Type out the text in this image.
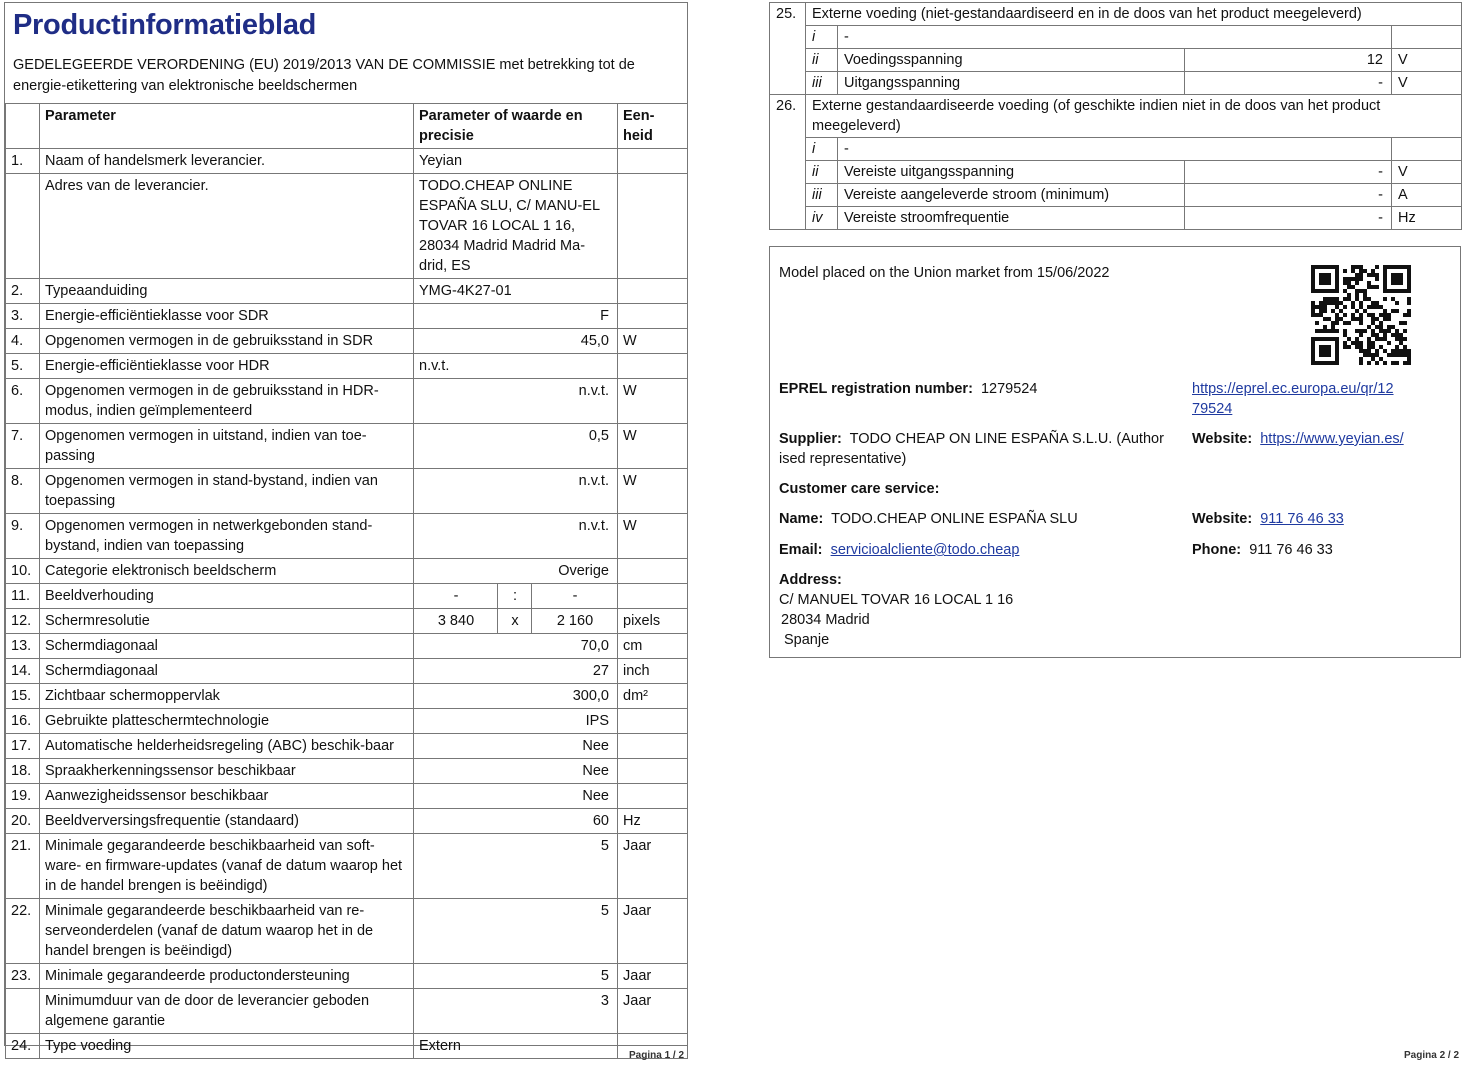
Productinformatieblad
GEDELEGEERDE VERORDENING (EU) 2019/2013 VAN DE COMMISSIE met betrekking tot de energie-etikettering van elektronische beeldschermen
	Parameter	Parameter of waarde en precisie			Een-heid
1.	Naam of handelsmerk leverancier.	Yeyian			
	Adres van de leverancier.	TODO.CHEAP ONLINE ESPAÑA SLU, C/ MANU-EL TOVAR 16 LOCAL 1 16, 28034 Madrid Madrid Ma-drid, ES			
2.	Typeaanduiding	YMG-4K27-01			
3.	Energie-efficiëntieklasse voor SDR	F			
4.	Opgenomen vermogen in de gebruiksstand in SDR	45,0			W
5.	Energie-efficiëntieklasse voor HDR	n.v.t.			
6.	Opgenomen vermogen in de gebruiksstand in HDR-modus, indien geïmplementeerd	n.v.t.			W
7.	Opgenomen vermogen in uitstand, indien van toe-passing	0,5			W
8.	Opgenomen vermogen in stand-bystand, indien van toepassing	n.v.t.			W
9.	Opgenomen vermogen in netwerkgebonden stand-bystand, indien van toepassing	n.v.t.			W
10.	Categorie elektronisch beeldscherm	Overige			
11.	Beeldverhouding	-	:	-	
12.	Schermresolutie	3 840	x	2 160	pixels
13.	Schermdiagonaal	70,0			cm
14.	Schermdiagonaal	27			inch
15.	Zichtbaar schermoppervlak	300,0			dm²
16.	Gebruikte platteschermtechnologie	IPS			
17.	Automatische helderheidsregeling (ABC) beschik-baar	Nee			
18.	Spraakherkenningssensor beschikbaar	Nee			
19.	Aanwezigheidssensor beschikbaar	Nee			
20.	Beeldverversingsfrequentie (standaard)	60			Hz
21.	Minimale gegarandeerde beschikbaarheid van soft-ware- en firmware-updates (vanaf de datum waarop het in de handel brengen is beëindigd)	5			Jaar
22.	Minimale gegarandeerde beschikbaarheid van re-serveonderdelen (vanaf de datum waarop het in de handel brengen is beëindigd)	5			Jaar
23.	Minimale gegarandeerde productondersteuning	5			Jaar
	Minimumduur van de door de leverancier geboden algemene garantie	3			Jaar
24.	Type voeding	Extern			
Pagina 1 / 2
25.	Externe voeding (niet-gestandaardiseerd en in de doos van het product meegeleverd)			
	i	-		
	ii	Voedingsspanning	12	V
	iii	Uitgangsspanning	-	V
26.	Externe gestandaardiseerde voeding (of geschikte indien niet in de doos van het product meegeleverd)			
	i	-		
	ii	Vereiste uitgangsspanning	-	V
	iii	Vereiste aangeleverde stroom (minimum)	-	A
	iv	Vereiste stroomfrequentie	-	Hz
Model placed on the Union market from 15/06/2022
EPREL registration number: 1279524	https://eprel.ec.europa.eu/qr/12
79524
Supplier: TODO CHEAP ON LINE ESPAÑA S.L.U. (Author
ised representative)
Website: https://www.yeyian.es/
Customer care service:
Name: TODO.CHEAP ONLINE ESPAÑA SLU	Website: 911 76 46 33
Email: servicioalcliente@todo.cheap	Phone: 911 76 46 33
Address:
C/ MANUEL TOVAR 16 LOCAL 1 16
28034 Madrid
Spanje
Pagina 2 / 2
